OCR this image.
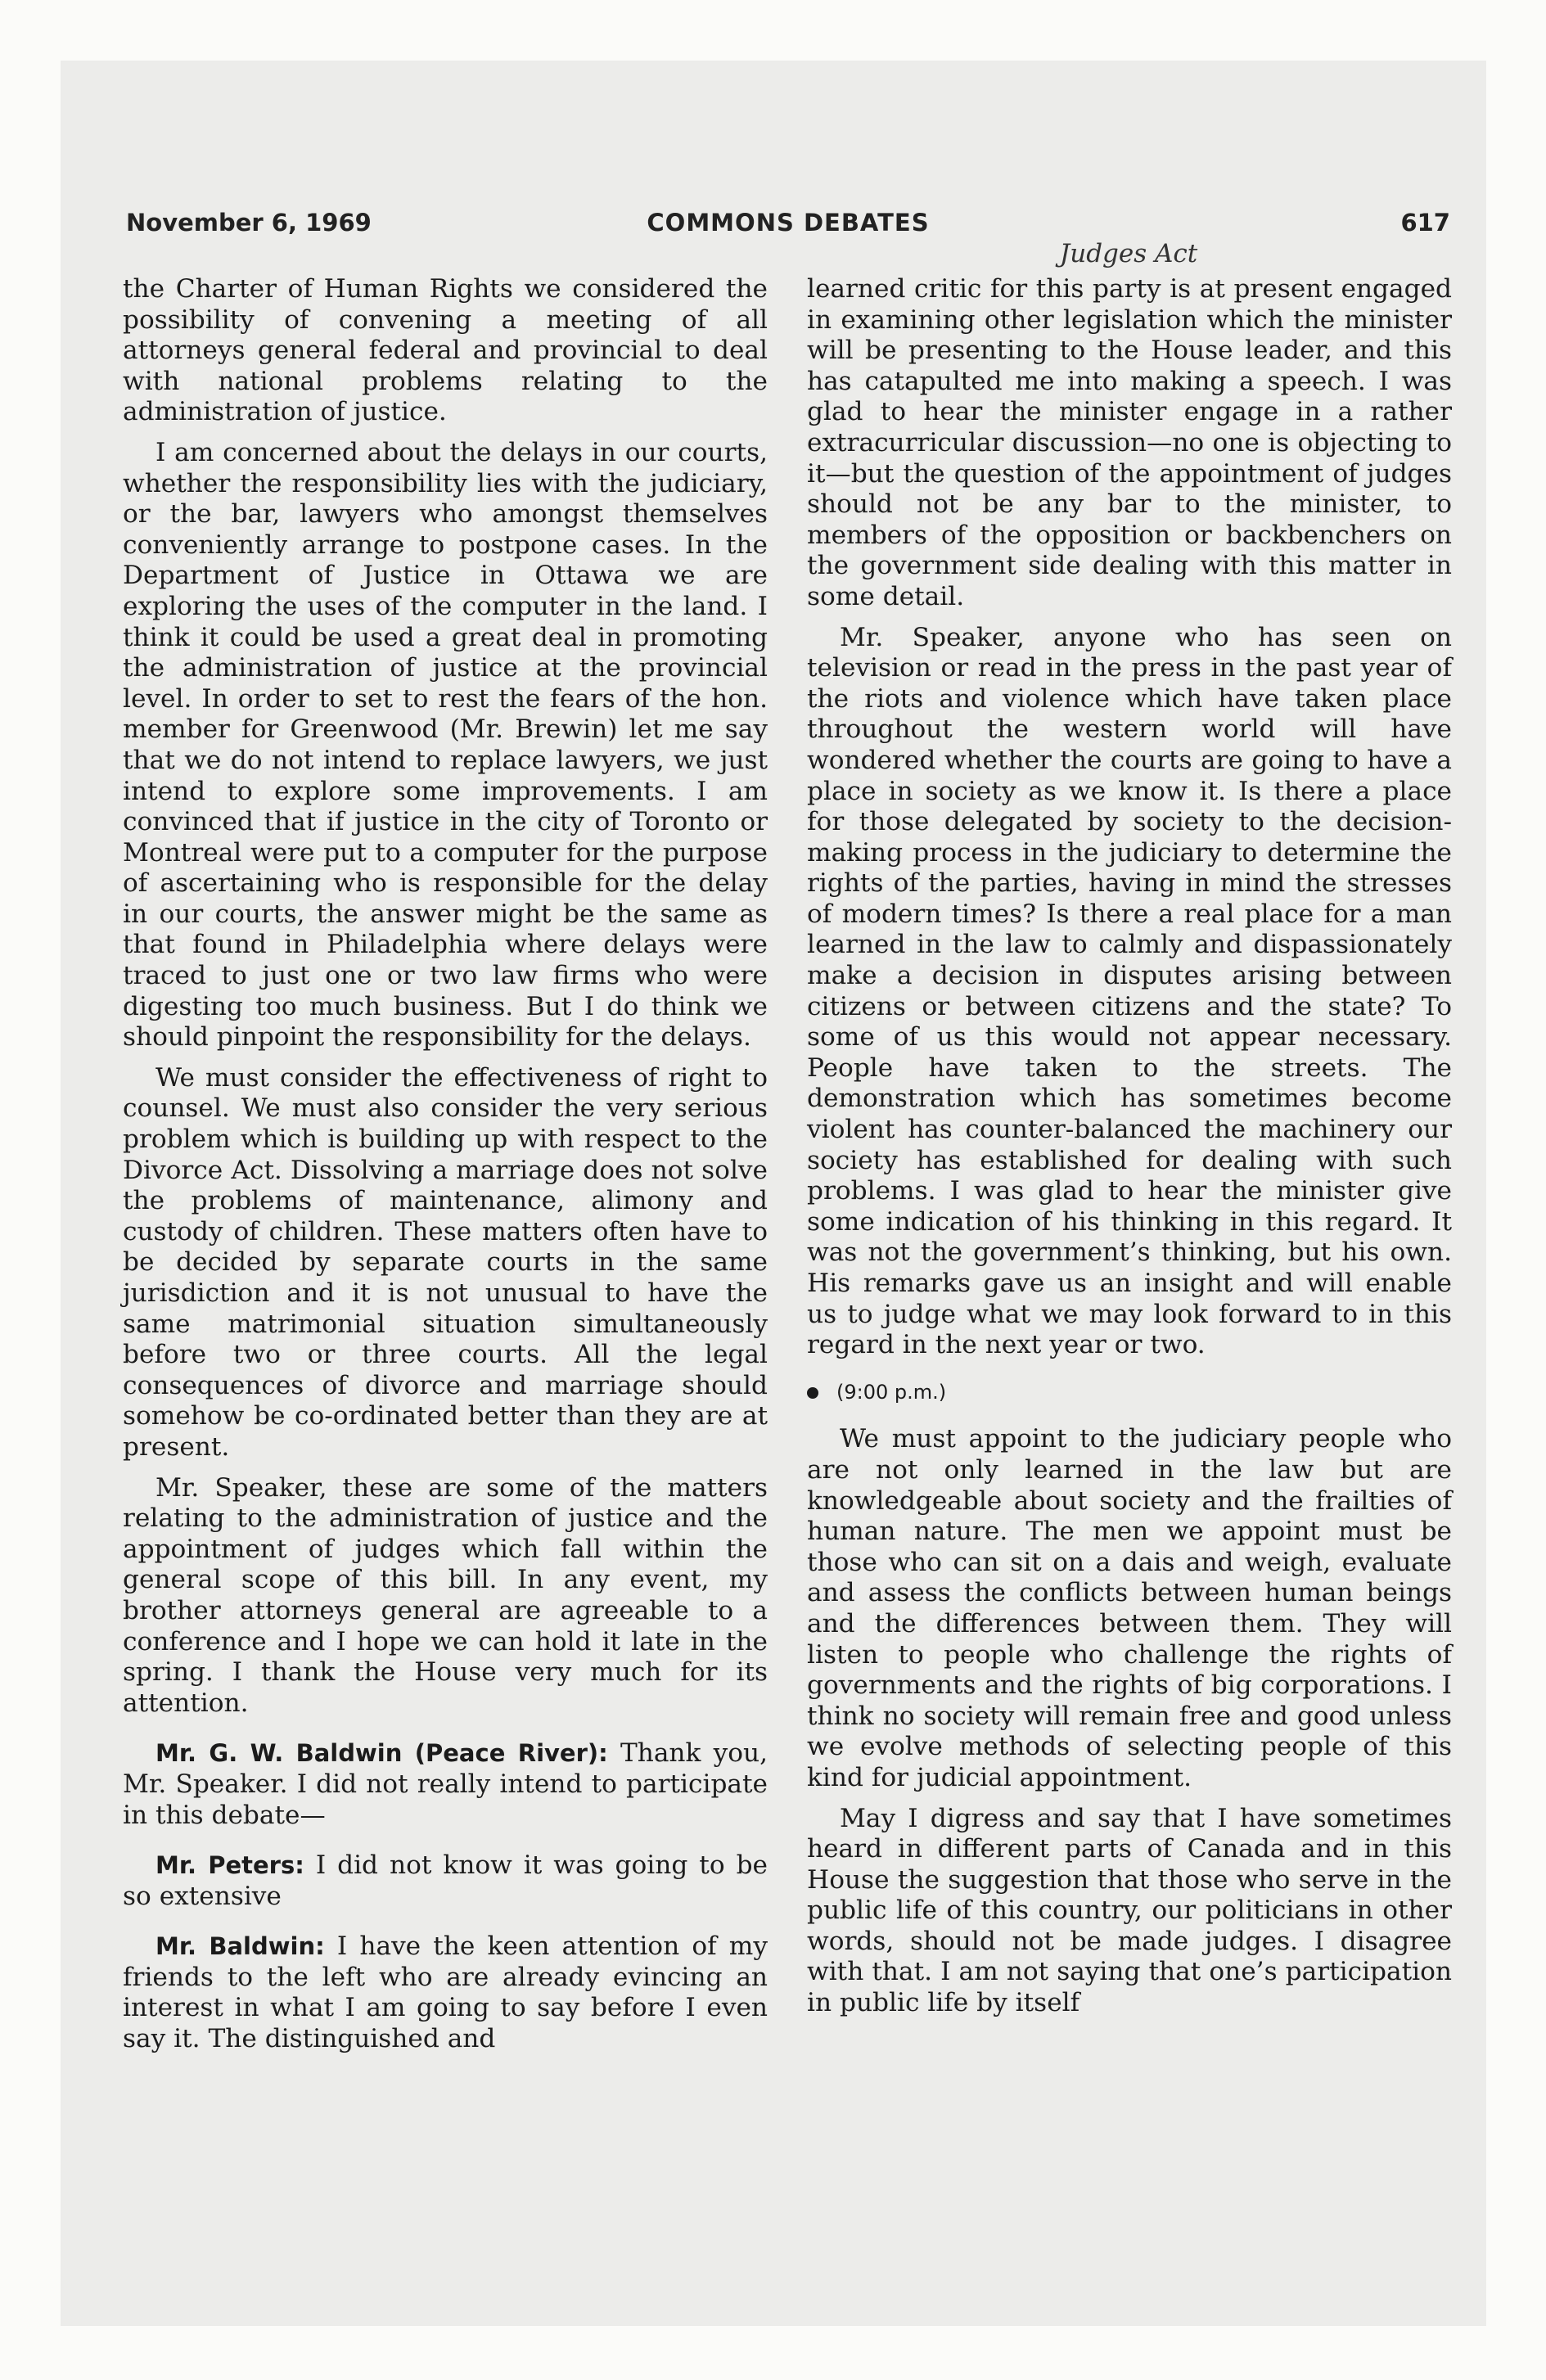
November 6, 1969	COMMONS DEBATES	617
Judges Act

the Charter of Human Rights we considered the possibility of convening a meeting of all attorneys general federal and provincial to deal with national problems relating to the administration of justice.

I am concerned about the delays in our courts, whether the responsibility lies with the judiciary, or the bar, lawyers who amongst themselves conveniently arrange to postpone cases. In the Department of Justice in Ottawa we are exploring the uses of the computer in the land. I think it could be used a great deal in promoting the administration of justice at the provincial level. In order to set to rest the fears of the hon. member for Greenwood (Mr. Brewin) let me say that we do not intend to replace lawyers, we just intend to explore some improvements. I am convinced that if justice in the city of Toronto or Montreal were put to a computer for the purpose of ascertaining who is responsible for the delay in our courts, the answer might be the same as that found in Philadelphia where delays were traced to just one or two law firms who were digesting too much business. But I do think we should pinpoint the responsibility for the delays.

We must consider the effectiveness of right to counsel. We must also consider the very serious problem which is building up with respect to the Divorce Act. Dissolving a marriage does not solve the problems of maintenance, alimony and custody of children. These matters often have to be decided by separate courts in the same jurisdiction and it is not unusual to have the same matrimonial situation simultaneously before two or three courts. All the legal consequences of divorce and marriage should somehow be co-ordinated better than they are at present.

Mr. Speaker, these are some of the matters relating to the administration of justice and the appointment of judges which fall within the general scope of this bill. In any event, my brother attorneys general are agreeable to a conference and I hope we can hold it late in the spring. I thank the House very much for its attention.

Mr. G. W. Baldwin (Peace River): Thank you, Mr. Speaker. I did not really intend to participate in this debate—

Mr. Peters: I did not know it was going to be so extensive

Mr. Baldwin: I have the keen attention of my friends to the left who are already evincing an interest in what I am going to say before I even say it. The distinguished and

learned critic for this party is at present engaged in examining other legislation which the minister will be presenting to the House leader, and this has catapulted me into making a speech. I was glad to hear the minister engage in a rather extracurricular discussion—no one is objecting to it—but the question of the appointment of judges should not be any bar to the minister, to members of the opposition or backbenchers on the government side dealing with this matter in some detail.

Mr. Speaker, anyone who has seen on television or read in the press in the past year of the riots and violence which have taken place throughout the western world will have wondered whether the courts are going to have a place in society as we know it. Is there a place for those delegated by society to the decision-making process in the judiciary to determine the rights of the parties, having in mind the stresses of modern times? Is there a real place for a man learned in the law to calmly and dispassionately make a decision in disputes arising between citizens or between citizens and the state? To some of us this would not appear necessary. People have taken to the streets. The demonstration which has sometimes become violent has counter-balanced the machinery our society has established for dealing with such problems. I was glad to hear the minister give some indication of his thinking in this regard. It was not the government’s thinking, but his own. His remarks gave us an insight and will enable us to judge what we may look forward to in this regard in the next year or two.

(9:00 p.m.)

We must appoint to the judiciary people who are not only learned in the law but are knowledgeable about society and the frailties of human nature. The men we appoint must be those who can sit on a dais and weigh, evaluate and assess the conflicts between human beings and the differences between them. They will listen to people who challenge the rights of governments and the rights of big corporations. I think no society will remain free and good unless we evolve methods of selecting people of this kind for judicial appointment.

May I digress and say that I have sometimes heard in different parts of Canada and in this House the suggestion that those who serve in the public life of this country, our politicians in other words, should not be made judges. I disagree with that. I am not saying that one’s participation in public life by itself
